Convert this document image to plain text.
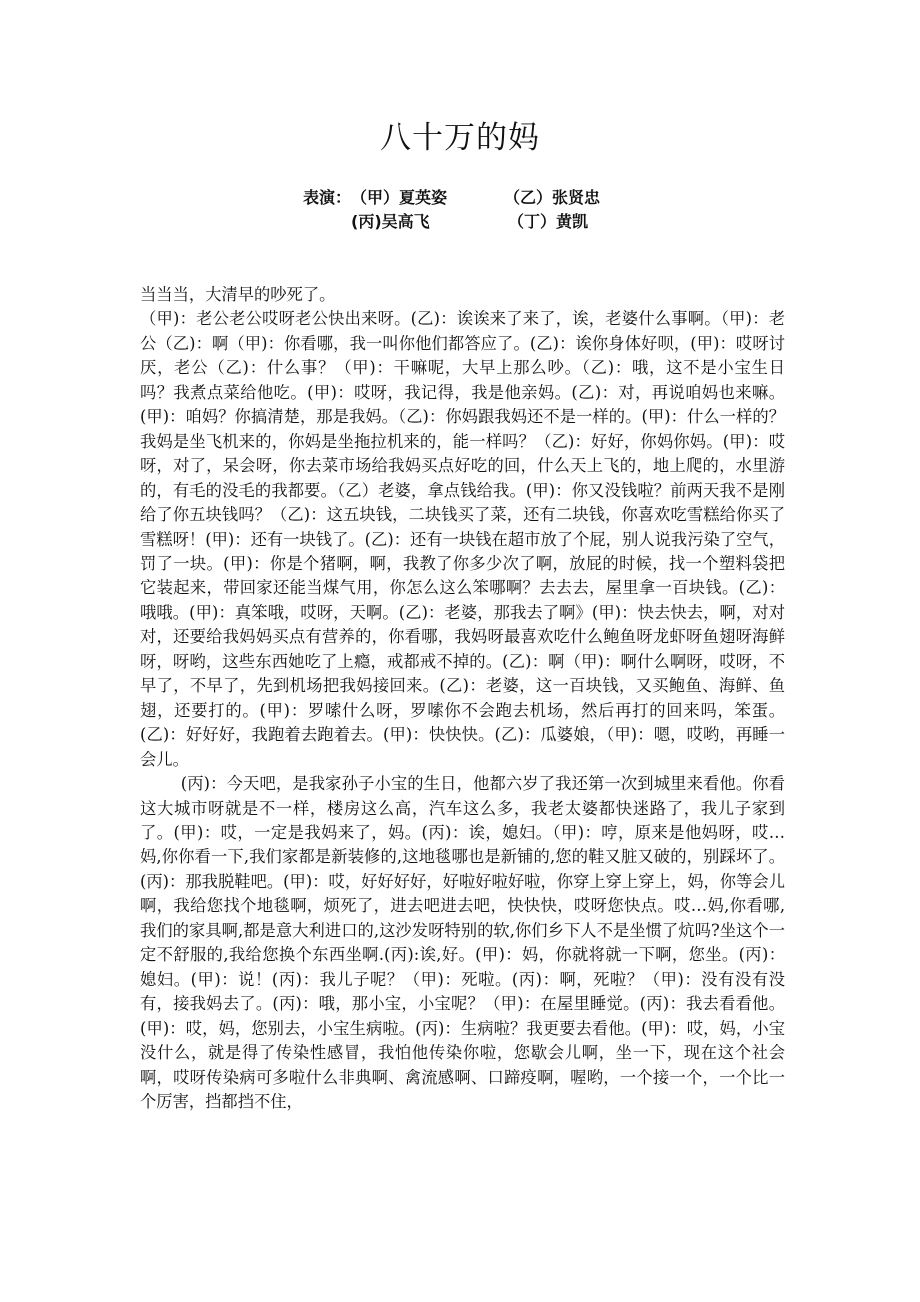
八十万的妈
表演： （甲）夏英姿	（乙）张贤忠
(丙)吴高飞	（丁）黄凯

当当当，大清早的吵死了。

（甲)：老公老公哎呀老公快出来呀。(乙)：诶诶来了来了，诶，老婆什么事啊。（甲)：老公（乙)：啊（甲)：你看哪，我一叫你他们都答应了。(乙)：诶你身体好呗，(甲)：哎呀讨厌，老公（乙)：什么事？（甲)：干嘛呢，大早上那么吵。（乙)：哦，这不是小宝生日吗？我煮点菜给他吃。(甲)：哎呀，我记得，我是他亲妈。(乙)：对，再说咱妈也来嘛。(甲)：咱妈？你搞清楚，那是我妈。（乙)：你妈跟我妈还不是一样的。(甲)：什么一样的？我妈是坐飞机来的，你妈是坐拖拉机来的，能一样吗？（乙)：好好，你妈你妈。(甲)：哎呀，对了，呆会呀，你去菜市场给我妈买点好吃的回，什么天上飞的，地上爬的，水里游的，有毛的没毛的我都要。（乙）老婆，拿点钱给我。(甲)：你又没钱啦？前两天我不是刚给了你五块钱吗？（乙)：这五块钱，二块钱买了菜，还有二块钱，你喜欢吃雪糕给你买了雪糕呀！(甲)：还有一块钱了。(乙)：还有一块钱在超市放了个屁，别人说我污染了空气，罚了一块。(甲)：你是个猪啊，啊，我教了你多少次了啊，放屁的时候，找一个塑料袋把它装起来，带回家还能当煤气用，你怎么这么笨哪啊？去去去，屋里拿一百块钱。(乙)：哦哦。(甲)：真笨哦，哎呀，天啊。(乙)：老婆，那我去了啊》(甲)：快去快去，啊，对对对，还要给我妈妈买点有营养的，你看哪，我妈呀最喜欢吃什么鲍鱼呀龙虾呀鱼翅呀海鲜呀，呀哟，这些东西她吃了上瘾，戒都戒不掉的。(乙)：啊（甲)：啊什么啊呀，哎呀，不早了，不早了，先到机场把我妈接回来。(乙)：老婆，这一百块钱，又买鲍鱼、海鲜、鱼翅，还要打的。(甲)：罗嗦什么呀，罗嗦你不会跑去机场，然后再打的回来吗，笨蛋。(乙)：好好好，我跑着去跑着去。(甲)：快快快。(乙)：瓜婆娘，（甲)：嗯，哎哟，再睡一会儿。

(丙)：今天吧，是我家孙子小宝的生日，他都六岁了我还第一次到城里来看他。你看这大城市呀就是不一样，楼房这么高，汽车这么多，我老太婆都快迷路了，我儿子家到了。(甲)：哎，一定是我妈来了，妈。(丙)：诶，媳妇。（甲)：哼，原来是他妈呀，哎…妈,你你看一下,我们家都是新装修的,这地毯哪也是新铺的,您的鞋又脏又破的，别踩坏了。(丙)：那我脱鞋吧。(甲)：哎，好好好好，好啦好啦好啦，你穿上穿上穿上，妈，你等会儿啊，我给您找个地毯啊，烦死了，进去吧进去吧，快快快，哎呀您快点。哎…妈,你看哪,我们的家具啊,都是意大利进口的,这沙发呀特别的软,你们乡下人不是坐惯了炕吗?坐这个一定不舒服的,我给您换个东西坐啊.(丙):诶,好。(甲)：妈，你就将就一下啊，您坐。(丙)：媳妇。(甲)：说！(丙)：我儿子呢？（甲)：死啦。(丙)：啊，死啦？（甲)：没有没有没有，接我妈去了。(丙)：哦，那小宝，小宝呢？（甲)：在屋里睡觉。(丙)：我去看看他。(甲)：哎，妈，您别去，小宝生病啦。(丙)：生病啦？我更要去看他。(甲)：哎，妈，小宝没什么，就是得了传染性感冒，我怕他传染你啦，您歇会儿啊，坐一下，现在这个社会啊，哎呀传染病可多啦什么非典啊、禽流感啊、口蹄疫啊，喔哟，一个接一个，一个比一个厉害，挡都挡不住，
